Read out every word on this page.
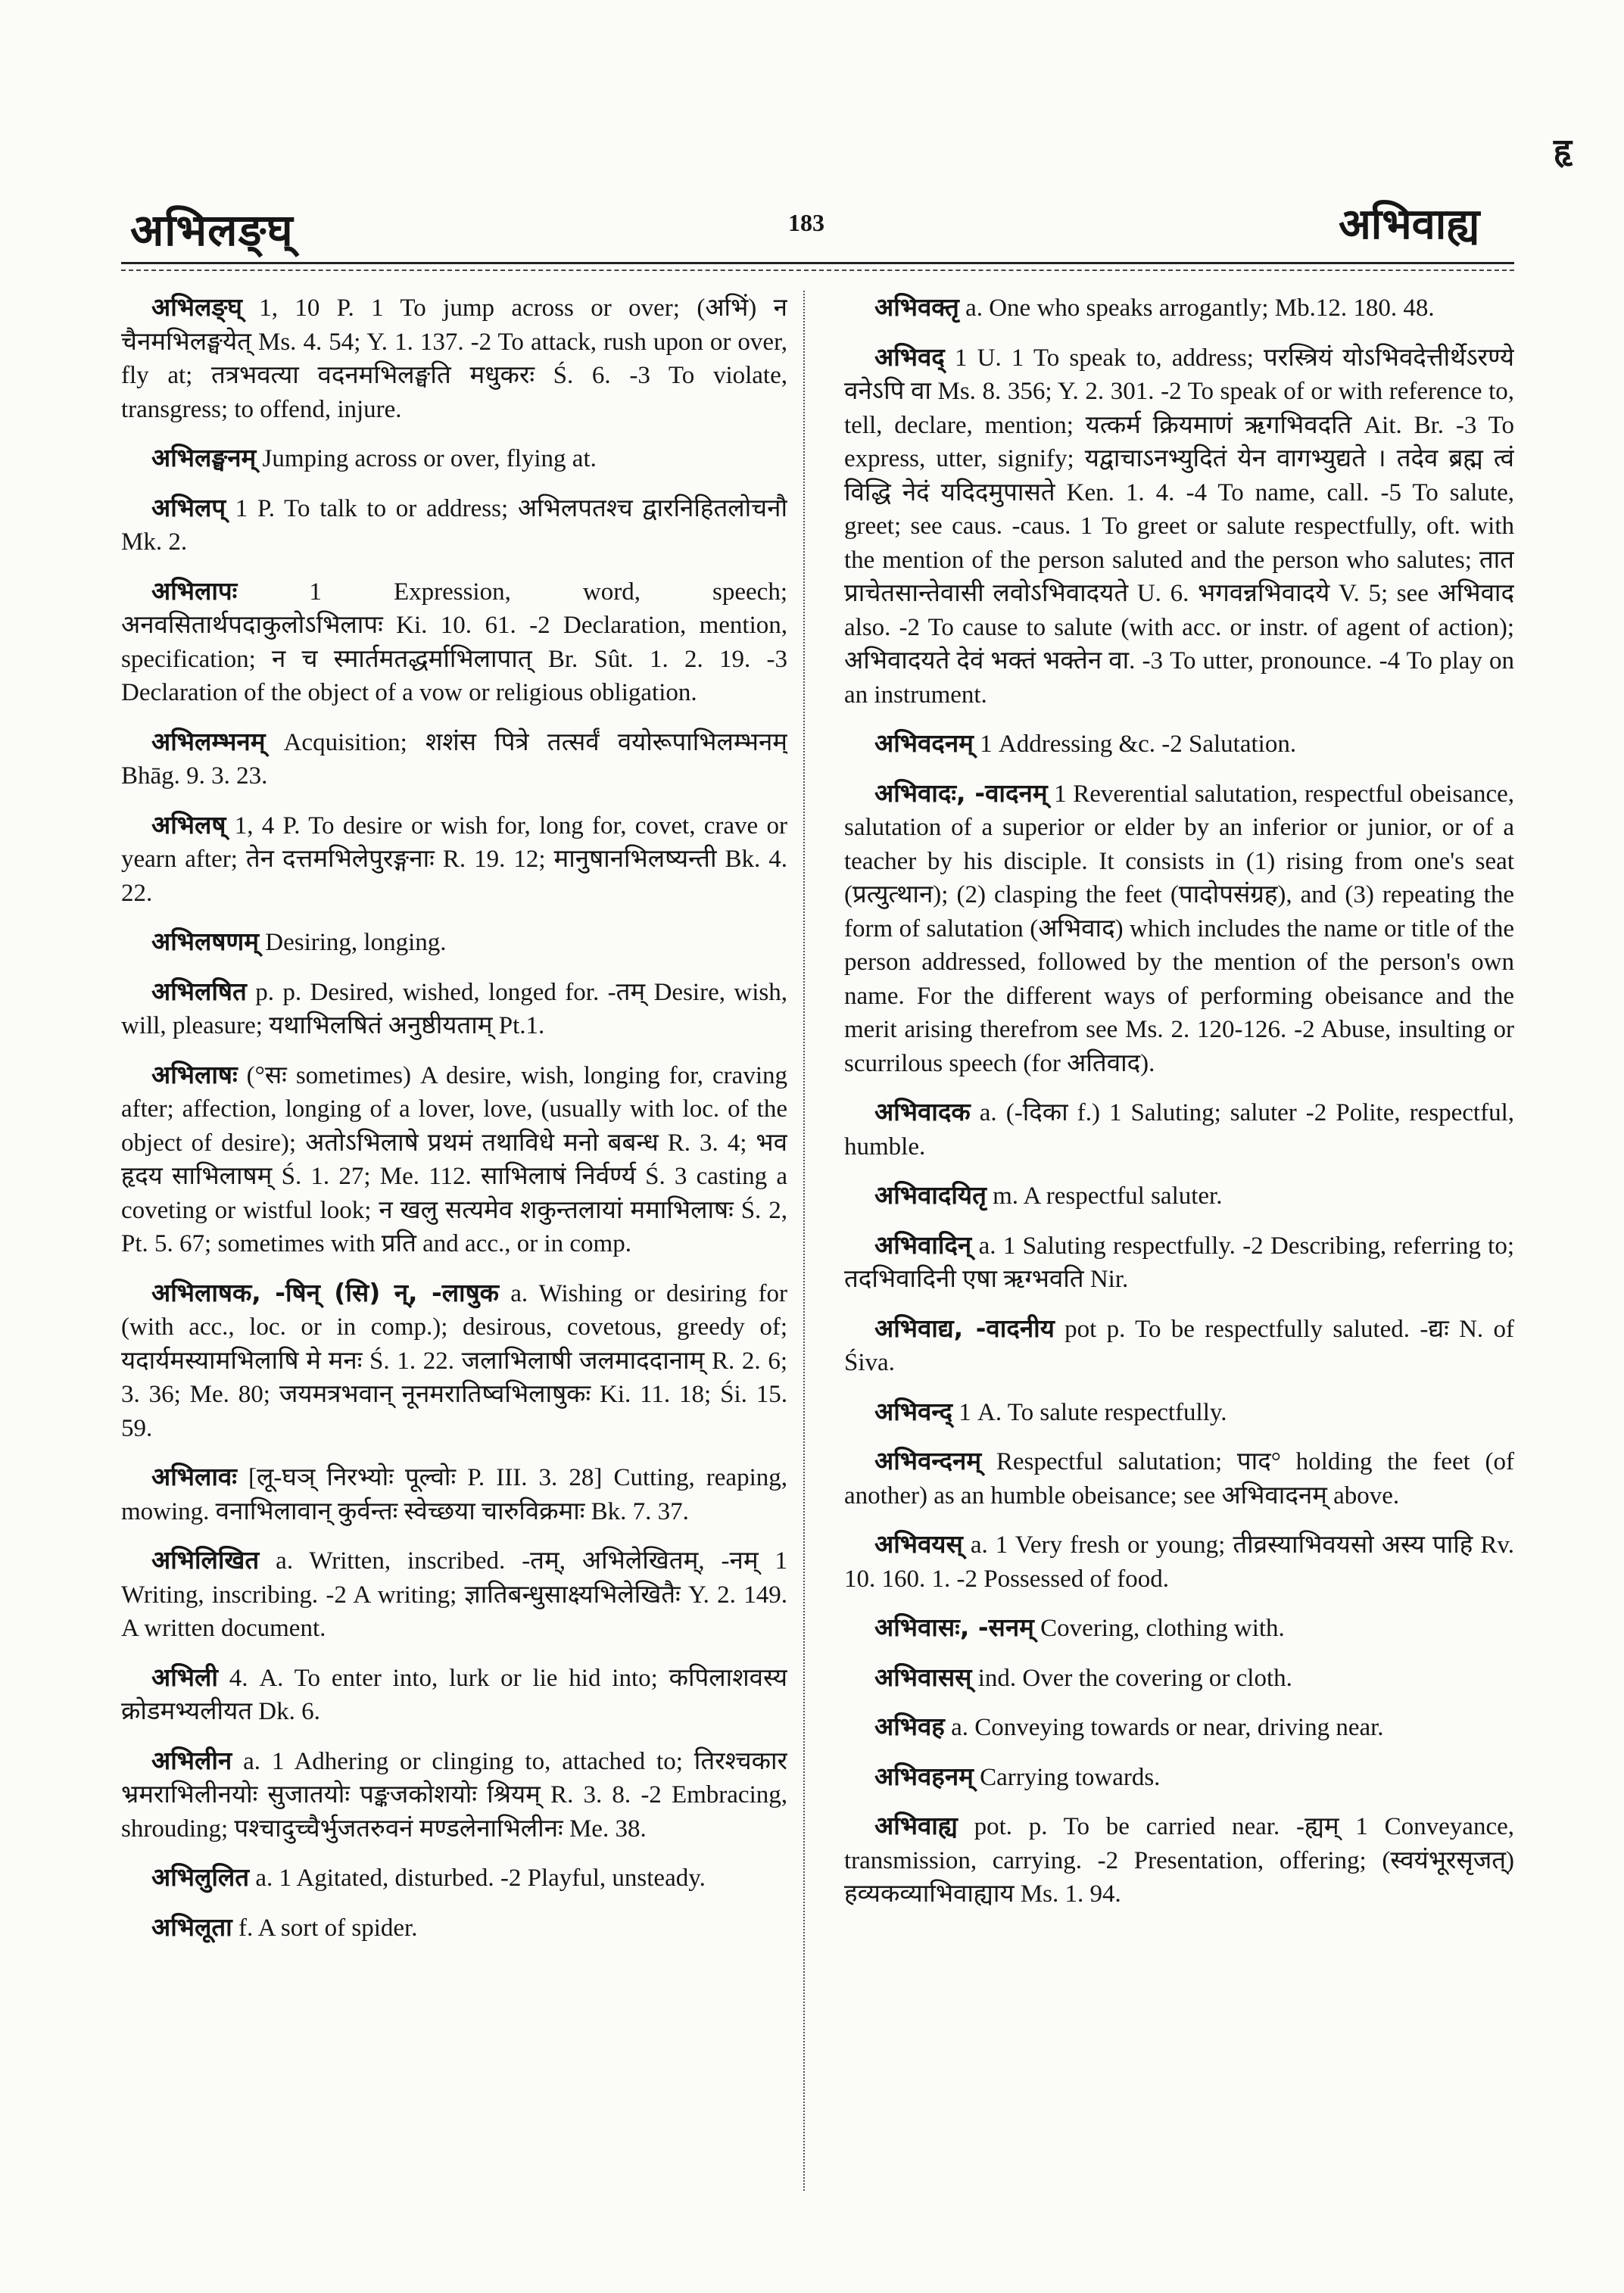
अभिलङ्घ्	183	अभिवाह्य
हृ

अभिलङ्घ् 1, 10 P. 1 To jump across or over; (अभिं) न चैनमभिलङ्घयेत् Ms. 4. 54; Y. 1. 137. -2 To attack, rush upon or over, fly at; तत्रभवत्या वदनमभिलङ्घति मधुकरः Ś. 6. -3 To violate, transgress; to offend, injure.

अभिलङ्घनम् Jumping across or over, flying at.

अभिलप् 1 P. To talk to or address; अभिलपतश्च द्वारनिहितलोचनौ Mk. 2.

अभिलापः 1 Expression, word, speech; अनवसितार्थपदाकुलोऽभिलापः Ki. 10. 61. -2 Declaration, mention, specification; न च स्मार्तमतद्धर्माभिलापात् Br. Sût. 1. 2. 19. -3 Declaration of the object of a vow or religious obligation.

अभिलम्भनम् Acquisition; शशंस पित्रे तत्सर्वं वयोरूपाभिलम्भनम् Bhāg. 9. 3. 23.

अभिलष् 1, 4 P. To desire or wish for, long for, covet, crave or yearn after; तेन दत्तमभिलेपुरङ्गनाः R. 19. 12; मानुषानभिलष्यन्ती Bk. 4. 22.

अभिलषणम् Desiring, longing.

अभिलषित p. p. Desired, wished, longed for. -तम् Desire, wish, will, pleasure; यथाभिलषितं अनुष्ठीयताम् Pt.1.

अभिलाषः (°सः sometimes) A desire, wish, longing for, craving after; affection, longing of a lover, love, (usually with loc. of the object of desire); अतोऽभिलाषे प्रथमं तथाविधे मनो बबन्ध R. 3. 4; भव हृदय साभिलाषम् Ś. 1. 27; Me. 112. साभिलाषं निर्वर्ण्य Ś. 3 casting a coveting or wistful look; न खलु सत्यमेव शकुन्तलायां ममाभिलाषः Ś. 2, Pt. 5. 67; sometimes with प्रति and acc., or in comp.

अभिलाषक, -षिन् (सि) न्, -लाषुक a. Wishing or desiring for (with acc., loc. or in comp.); desirous, covetous, greedy of; यदार्यमस्यामभिलाषि मे मनः Ś. 1. 22. जलाभिलाषी जलमाददानाम् R. 2. 6; 3. 36; Me. 80; जयमत्रभवान् नूनमरातिष्वभिलाषुकः Ki. 11. 18; Śi. 15. 59.

अभिलावः [लू-घञ् निरभ्योः पूल्वोः P. III. 3. 28] Cutting, reaping, mowing. वनाभिलावान् कुर्वन्तः स्वेच्छया चारुविक्रमाः Bk. 7. 37.

अभिलिखित a. Written, inscribed. -तम्, अभिलेखितम्, -नम् 1 Writing, inscribing. -2 A writing; ज्ञातिबन्धुसाक्ष्यभिलेखितैः Y. 2. 149. A written document.

अभिली 4. A. To enter into, lurk or lie hid into; कपिलाशवस्य क्रोडमभ्यलीयत Dk. 6.

अभिलीन a. 1 Adhering or clinging to, attached to; तिरश्चकार भ्रमराभिलीनयोः सुजातयोः पङ्कजकोशयोः श्रियम् R. 3. 8. -2 Embracing, shrouding; पश्चादुच्चैर्भुजतरुवनं मण्डलेनाभिलीनः Me. 38.

अभिलुलित a. 1 Agitated, disturbed. -2 Playful, unsteady.

अभिलूता f. A sort of spider.

अभिवक्तृ a. One who speaks arrogantly; Mb.12. 180. 48.

अभिवद् 1 U. 1 To speak to, address; परस्त्रियं योऽभिवदेत्तीर्थेऽरण्ये वनेऽपि वा Ms. 8. 356; Y. 2. 301. -2 To speak of or with reference to, tell, declare, mention; यत्कर्म क्रियमाणं ऋगभिवदति Ait. Br. -3 To express, utter, signify; यद्वाचाऽनभ्युदितं येन वागभ्युद्यते । तदेव ब्रह्म त्वं विद्धि नेदं यदिदमुपासते Ken. 1. 4. -4 To name, call. -5 To salute, greet; see caus. -caus. 1 To greet or salute respectfully, oft. with the mention of the person saluted and the person who salutes; तात प्राचेतसान्तेवासी लवोऽभिवादयते U. 6. भगवन्नभिवादये V. 5; see अभिवाद also. -2 To cause to salute (with acc. or instr. of agent of action); अभिवादयते देवं भक्तं भक्तेन वा. -3 To utter, pronounce. -4 To play on an instrument.

अभिवदनम् 1 Addressing &c. -2 Salutation.

अभिवादः, -वादनम् 1 Reverential salutation, respectful obeisance, salutation of a superior or elder by an inferior or junior, or of a teacher by his disciple. It consists in (1) rising from one's seat (प्रत्युत्थान); (2) clasping the feet (पादोपसंग्रह), and (3) repeating the form of salutation (अभिवाद) which includes the name or title of the person addressed, followed by the mention of the person's own name. For the different ways of performing obeisance and the merit arising therefrom see Ms. 2. 120-126. -2 Abuse, insulting or scurrilous speech (for अतिवाद).

अभिवादक a. (-दिका f.) 1 Saluting; saluter -2 Polite, respectful, humble.

अभिवादयितृ m. A respectful saluter.

अभिवादिन् a. 1 Saluting respectfully. -2 Describing, referring to; तदभिवादिनी एषा ऋग्भवति Nir.

अभिवाद्य, -वादनीय pot p. To be respectfully saluted. -द्यः N. of Śiva.

अभिवन्द् 1 A. To salute respectfully.

अभिवन्दनम् Respectful salutation; पाद° holding the feet (of another) as an humble obeisance; see अभिवादनम् above.

अभिवयस् a. 1 Very fresh or young; तीव्रस्याभिवयसो अस्य पाहि Rv. 10. 160. 1. -2 Possessed of food.

अभिवासः, -सनम् Covering, clothing with.

अभिवासस् ind. Over the covering or cloth.

अभिवह a. Conveying towards or near, driving near.

अभिवहनम् Carrying towards.

अभिवाह्य pot. p. To be carried near. -ह्यम् 1 Conveyance, transmission, carrying. -2 Presentation, offering; (स्वयंभूरसृजत्) हव्यकव्याभिवाह्याय Ms. 1. 94.
